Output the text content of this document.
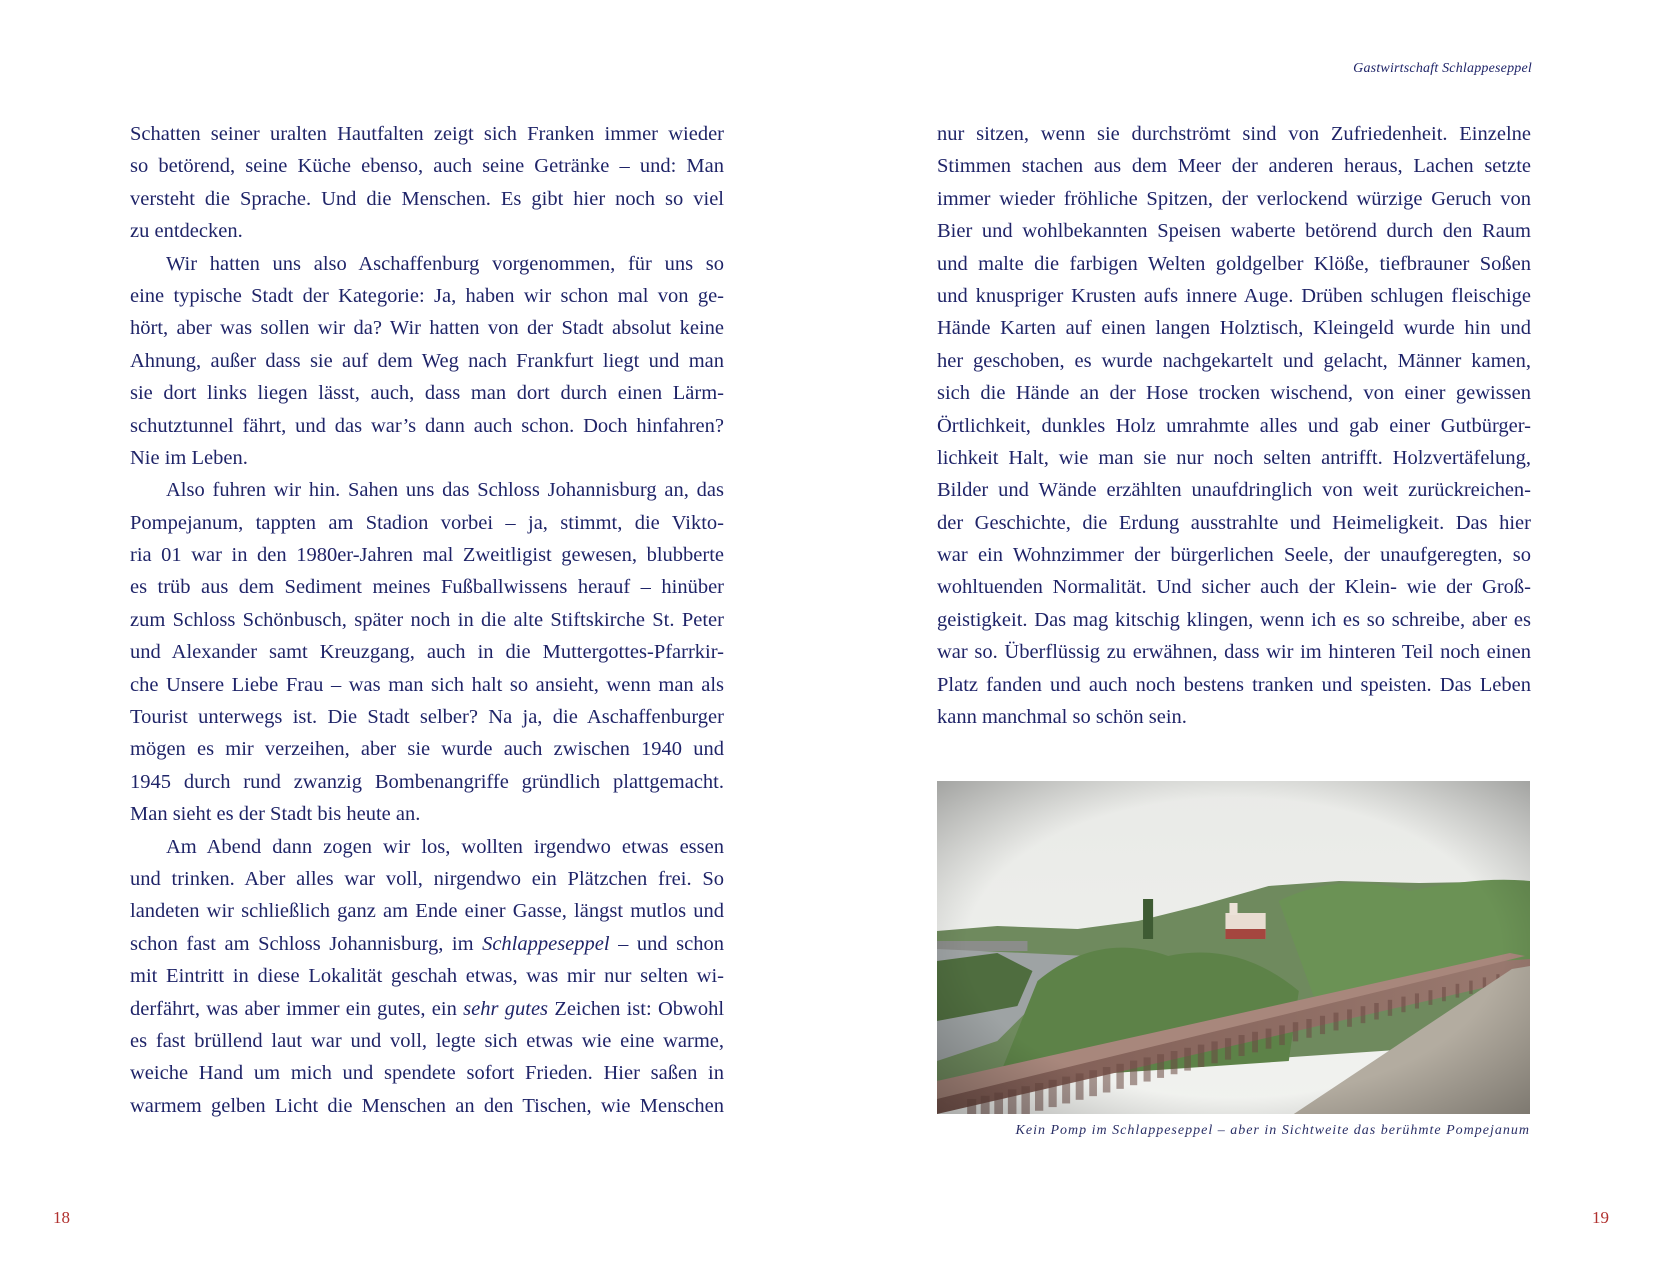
Gastwirtschaft Schlappeseppel
Schatten seiner uralten Hautfalten zeigt sich Franken immer wieder
so betörend, seine Küche ebenso, auch seine Getränke – und: Man
versteht die Sprache. Und die Menschen. Es gibt hier noch so viel
zu entdecken.
Wir hatten uns also Aschaffenburg vorgenommen, für uns so
eine typische Stadt der Kategorie: Ja, haben wir schon mal von ge-
hört, aber was sollen wir da? Wir hatten von der Stadt absolut keine
Ahnung, außer dass sie auf dem Weg nach Frankfurt liegt und man
sie dort links liegen lässt, auch, dass man dort durch einen Lärm-
schutztunnel fährt, und das war’s dann auch schon. Doch hinfahren?
Nie im Leben.
Also fuhren wir hin. Sahen uns das Schloss Johannisburg an, das
Pompejanum, tappten am Stadion vorbei – ja, stimmt, die Vikto-
ria 01 war in den 1980er-Jahren mal Zweitligist gewesen, blubberte
es trüb aus dem Sediment meines Fußballwissens herauf – hinüber
zum Schloss Schönbusch, später noch in die alte Stiftskirche St. Peter
und Alexander samt Kreuzgang, auch in die Muttergottes-Pfarrkir-
che Unsere Liebe Frau – was man sich halt so ansieht, wenn man als
Tourist unterwegs ist. Die Stadt selber? Na ja, die Aschaffenburger
mögen es mir verzeihen, aber sie wurde auch zwischen 1940 und
1945 durch rund zwanzig Bombenangriffe gründlich plattgemacht.
Man sieht es der Stadt bis heute an.
Am Abend dann zogen wir los, wollten irgendwo etwas essen
und trinken. Aber alles war voll, nirgendwo ein Plätzchen frei. So
landeten wir schließlich ganz am Ende einer Gasse, längst mutlos und
schon fast am Schloss Johannisburg, im Schlappeseppel – und schon
mit Eintritt in diese Lokalität geschah etwas, was mir nur selten wi-
derfährt, was aber immer ein gutes, ein sehr gutes Zeichen ist: Obwohl
es fast brüllend laut war und voll, legte sich etwas wie eine warme,
weiche Hand um mich und spendete sofort Frieden. Hier saßen in
warmem gelben Licht die Menschen an den Tischen, wie Menschen
nur sitzen, wenn sie durchströmt sind von Zufriedenheit. Einzelne
Stimmen stachen aus dem Meer der anderen heraus, Lachen setzte
immer wieder fröhliche Spitzen, der verlockend würzige Geruch von
Bier und wohlbekannten Speisen waberte betörend durch den Raum
und malte die farbigen Welten goldgelber Klöße, tiefbrauner Soßen
und knuspriger Krusten aufs innere Auge. Drüben schlugen fleischige
Hände Karten auf einen langen Holztisch, Kleingeld wurde hin und
her geschoben, es wurde nachgekartelt und gelacht, Männer kamen,
sich die Hände an der Hose trocken wischend, von einer gewissen
Örtlichkeit, dunkles Holz umrahmte alles und gab einer Gutbürger-
lichkeit Halt, wie man sie nur noch selten antrifft. Holzvertäfelung,
Bilder und Wände erzählten unaufdringlich von weit zurückreichen-
der Geschichte, die Erdung ausstrahlte und Heimeligkeit. Das hier
war ein Wohnzimmer der bürgerlichen Seele, der unaufgeregten, so
wohltuenden Normalität. Und sicher auch der Klein- wie der Groß-
geistigkeit. Das mag kitschig klingen, wenn ich es so schreibe, aber es
war so. Überflüssig zu erwähnen, dass wir im hinteren Teil noch einen
Platz fanden und auch noch bestens tranken und speisten. Das Leben
kann manchmal so schön sein.
Kein Pomp im Schlappeseppel – aber in Sichtweite das berühmte Pompejanum
18	19
